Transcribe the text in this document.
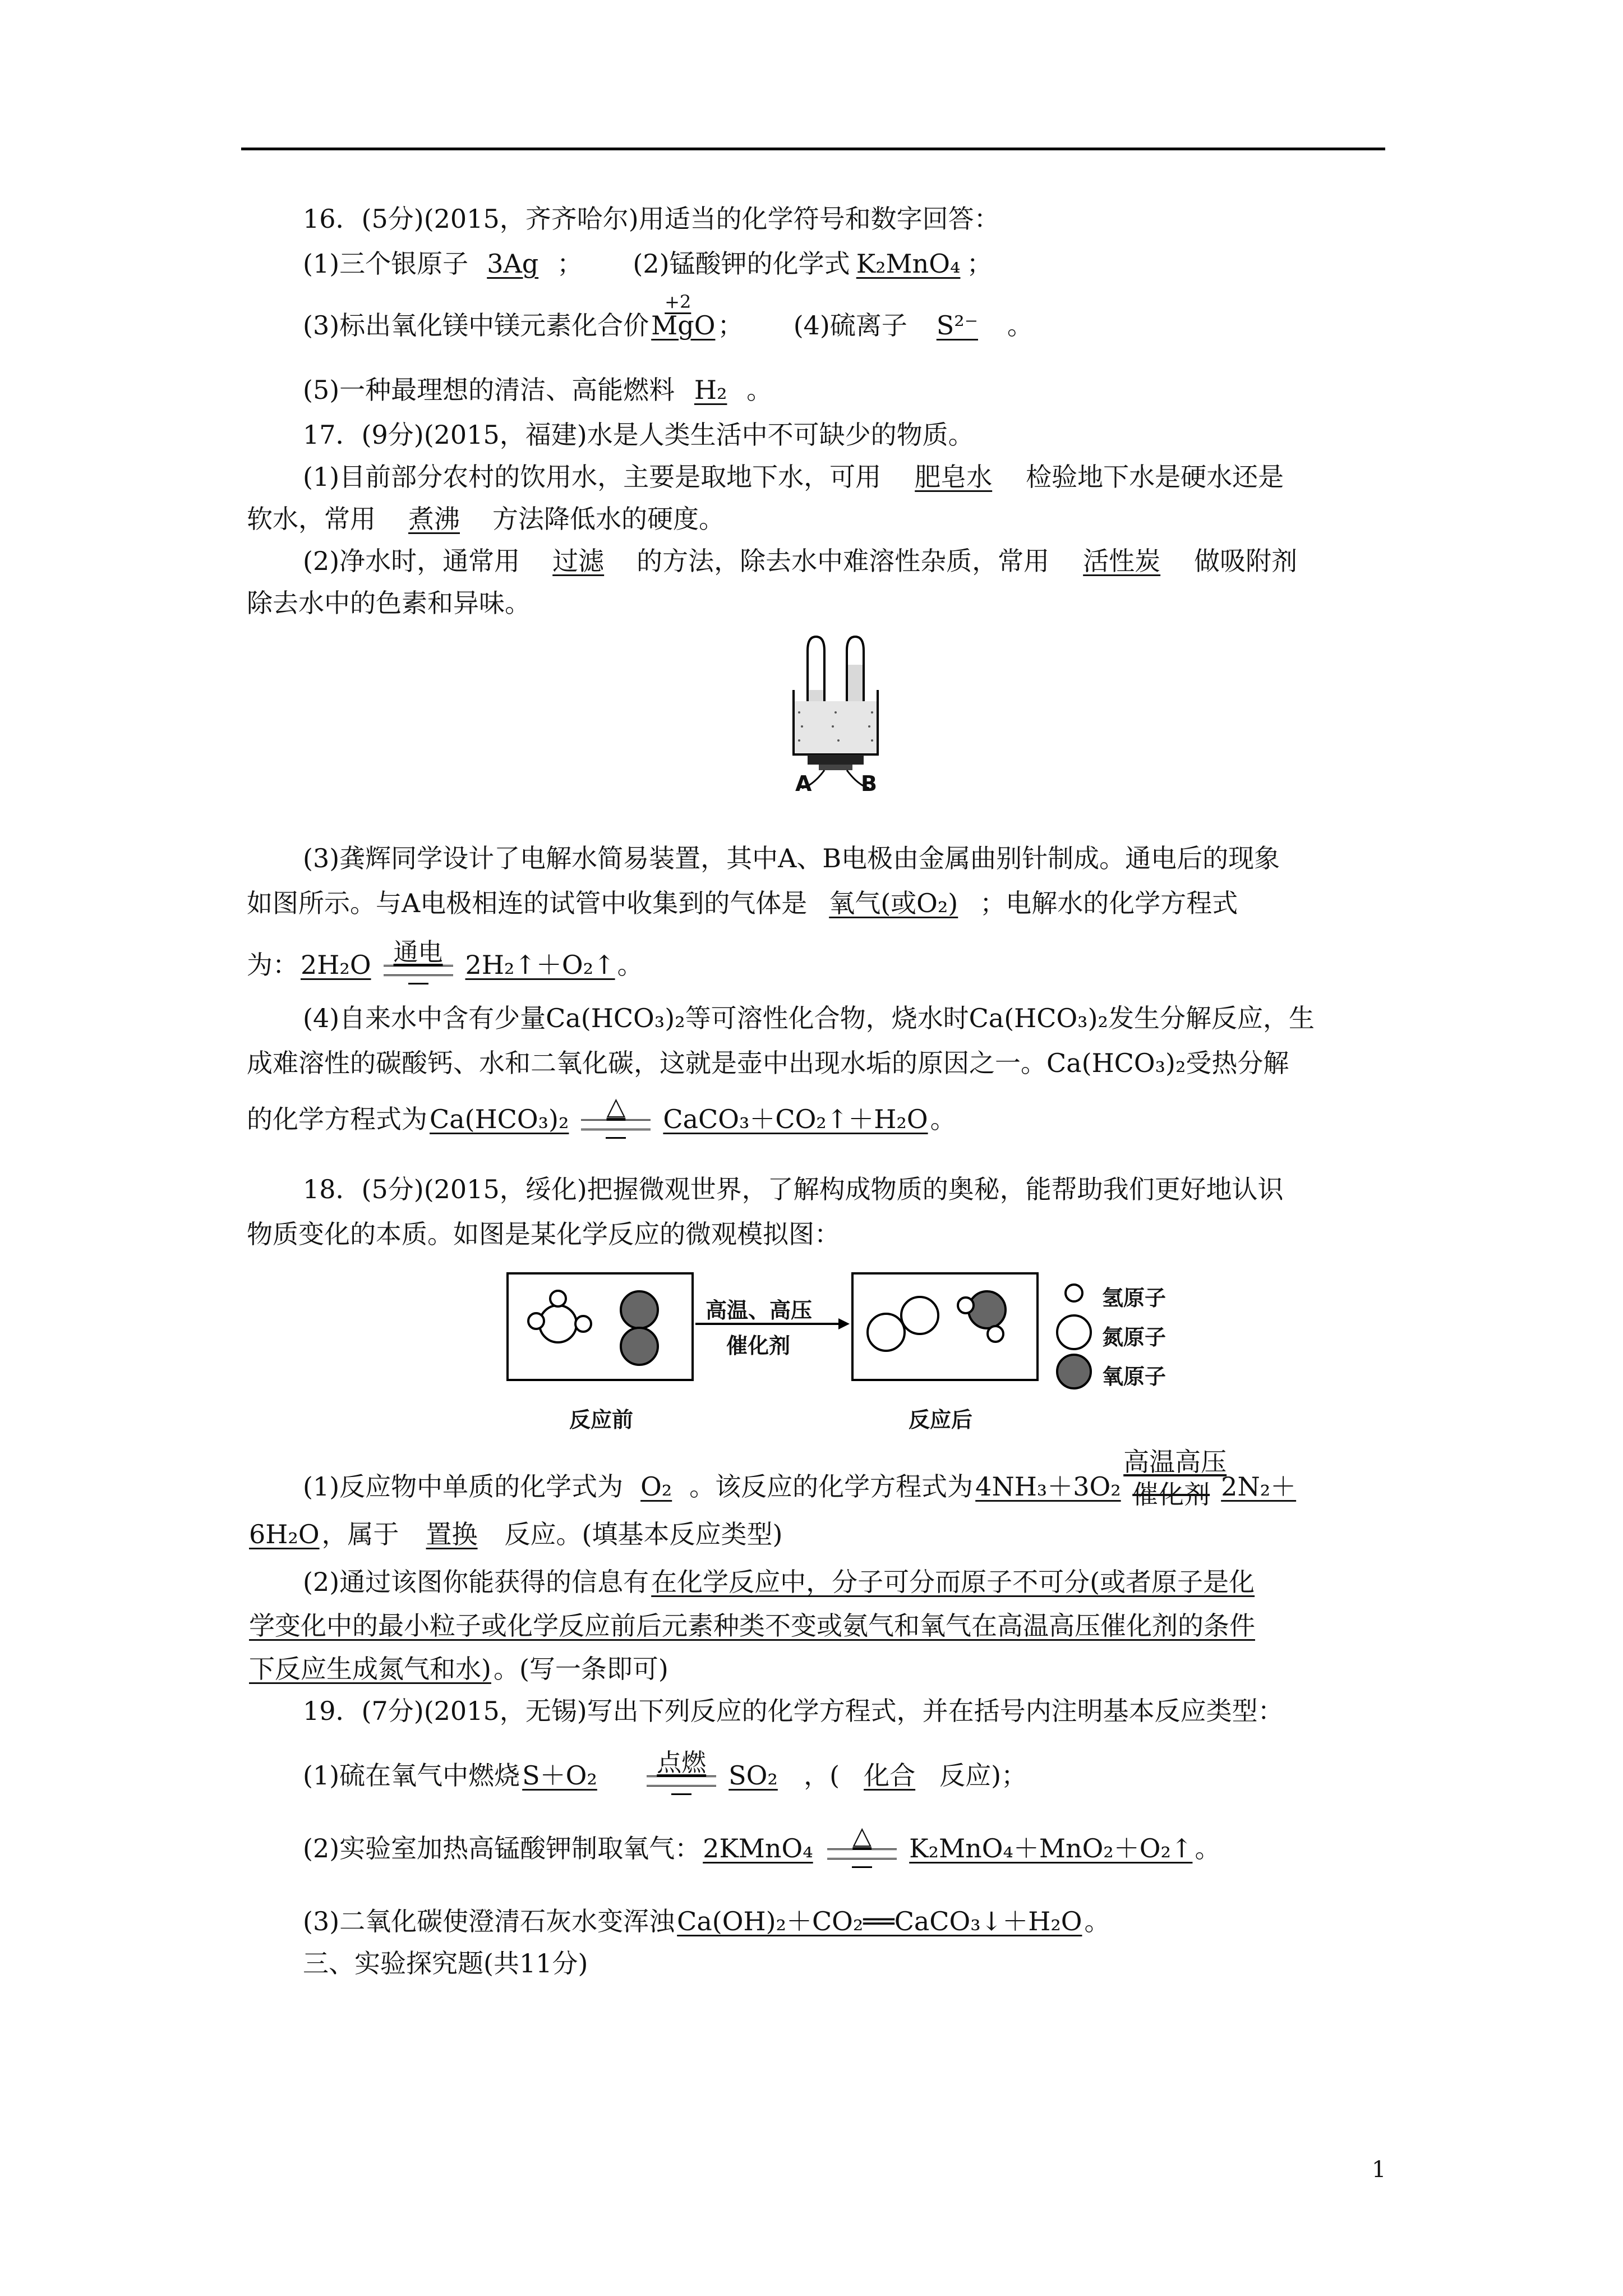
16．(5分)(2015，齐齐哈尔)用适当的化学符号和数字回答：
(1)三个银原子 3Ag ； (2)锰酸钾的化学式 K₂MnO₄ ；
(3)标出氧化镁中镁元素化合价
+2
MgO； (4)硫离子 S²⁻ 。
(5)一种最理想的清洁、高能燃料 H₂ 。
17．(9分)(2015，福建)水是人类生活中不可缺少的物质。
(1)目前部分农村的饮用水，主要是取地下水，可用 肥皂水 检验地下水是硬水还是
软水，常用 煮沸 方法降低水的硬度。
(2)净水时，通常用 过滤 的方法，除去水中难溶性杂质，常用 活性炭 做吸附剂
除去水中的色素和异味。
A B
(3)龚辉同学设计了电解水简易装置，其中A、B电极由金属曲别针制成。通电后的现象
如图所示。与A电极相连的试管中收集到的气体是 氧气(或O₂) ；电解水的化学方程式
为：2H₂O 通电 2H₂↑＋O₂↑。
(4)自来水中含有少量Ca(HCO₃)₂等可溶性化合物，烧水时Ca(HCO₃)₂发生分解反应，生
成难溶性的碳酸钙、水和二氧化碳，这就是壶中出现水垢的原因之一。Ca(HCO₃)₂受热分解
的化学方程式为Ca(HCO₃)₂	△	CaCO₃＋CO₂↑＋H₂O。
18．(5分)(2015，绥化)把握微观世界，了解构成物质的奥秘，能帮助我们更好地认识
物质变化的本质。如图是某化学反应的微观模拟图：
高温、高压
催化剂
反应前	反应后
氢原子
氮原子
氧原子
(1)反应物中单质的化学式为 O₂ 。该反应的化学方程式为4NH₃＋3O₂
高温高压
催化剂 2N₂＋
6H₂O，属于 置换 反应。(填基本反应类型)
(2)通过该图你能获得的信息有在化学反应中，分子可分而原子不可分(或者原子是化
学变化中的最小粒子或化学反应前后元素种类不变或氨气和氧气在高温高压催化剂的条件
下反应生成氮气和水)。(写一条即可)
19．(7分)(2015，无锡)写出下列反应的化学方程式，并在括号内注明基本反应类型：
(1)硫在氧气中燃烧S＋O₂	点燃 SO₂ ，( 化合 反应)；
(2)实验室加热高锰酸钾制取氧气：2KMnO₄	△	K₂MnO₄＋MnO₂＋O₂↑。
(3)二氧化碳使澄清石灰水变浑浊Ca(OH)₂＋CO₂══CaCO₃↓＋H₂O。
三、实验探究题(共11分)
1
